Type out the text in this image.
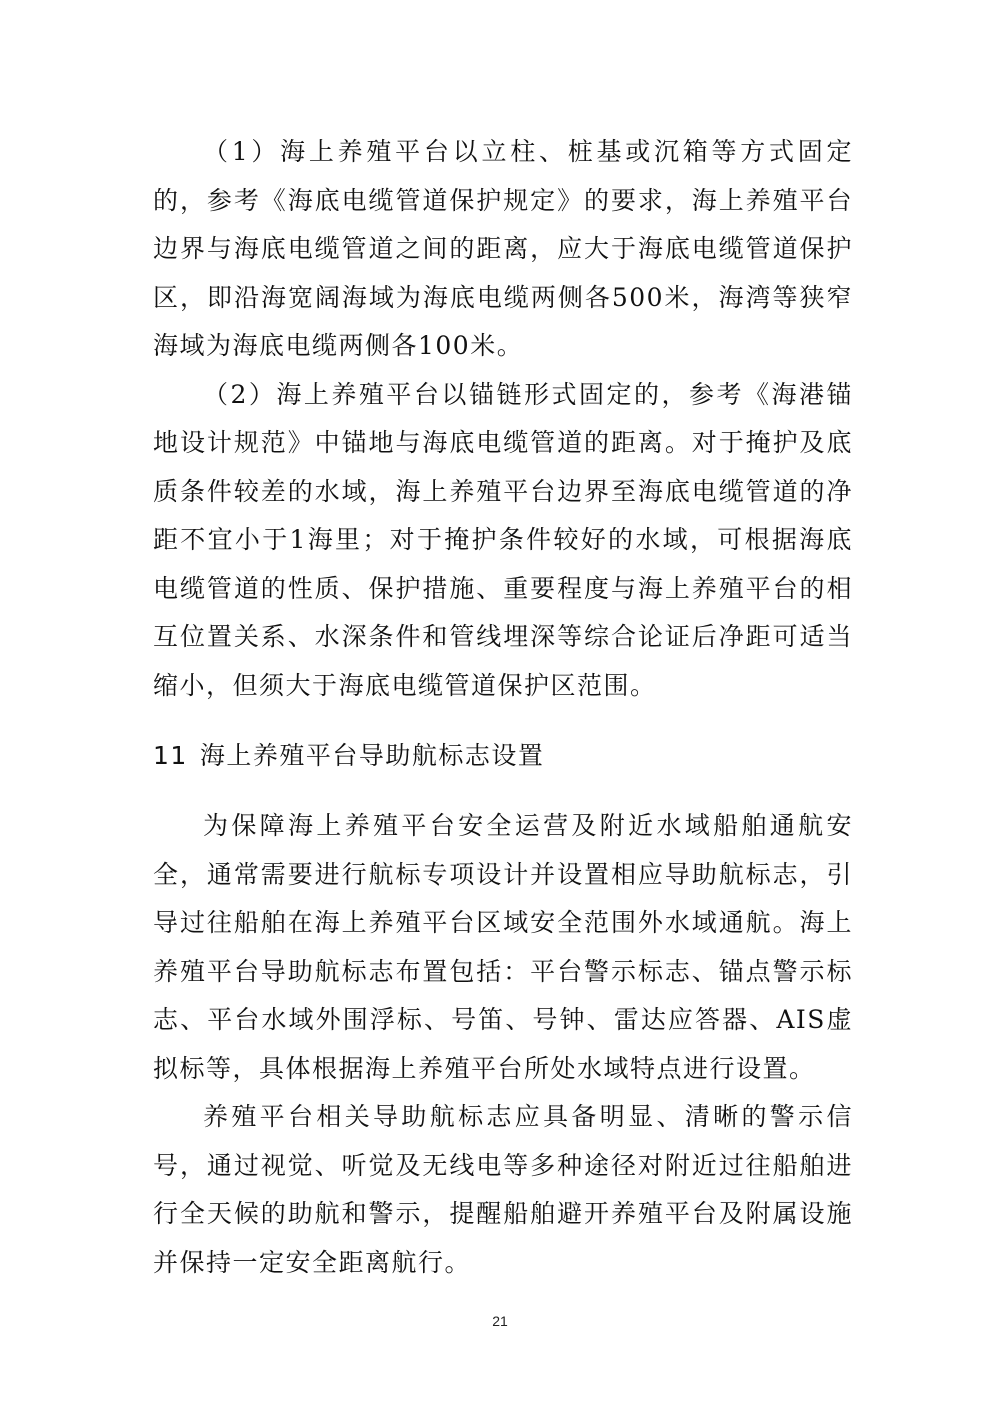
（1）海上养殖平台以立柱、桩基或沉箱等方式固定的，参考《海底电缆管道保护规定》的要求，海上养殖平台边界与海底电缆管道之间的距离，应大于海底电缆管道保护区，即沿海宽阔海域为海底电缆两侧各500米，海湾等狭窄海域为海底电缆两侧各100米。

（2）海上养殖平台以锚链形式固定的，参考《海港锚地设计规范》中锚地与海底电缆管道的距离。对于掩护及底质条件较差的水域，海上养殖平台边界至海底电缆管道的净距不宜小于1海里；对于掩护条件较好的水域，可根据海底电缆管道的性质、保护措施、重要程度与海上养殖平台的相互位置关系、水深条件和管线埋深等综合论证后净距可适当缩小，但须大于海底电缆管道保护区范围。

11 海上养殖平台导助航标志设置

为保障海上养殖平台安全运营及附近水域船舶通航安全，通常需要进行航标专项设计并设置相应导助航标志，引导过往船舶在海上养殖平台区域安全范围外水域通航。海上养殖平台导助航标志布置包括：平台警示标志、锚点警示标志、平台水域外围浮标、号笛、号钟、雷达应答器、AIS虚拟标等，具体根据海上养殖平台所处水域特点进行设置。

养殖平台相关导助航标志应具备明显、清晰的警示信号，通过视觉、听觉及无线电等多种途径对附近过往船舶进行全天候的助航和警示，提醒船舶避开养殖平台及附属设施并保持一定安全距离航行。

21
